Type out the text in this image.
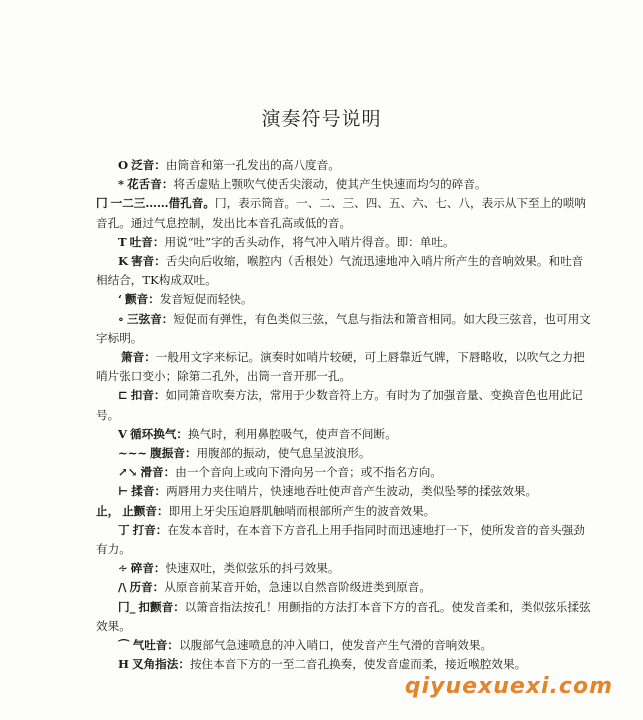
演奏符号说明

O 泛音：由筒音和第一孔发出的高八度音。

* 花舌音：将舌虚贴上颚吹气使舌尖滚动，使其产生快速而均匀的碎音。

冂 一二三……借孔音。冂，表示筒音。一、二、三、四、五、六、七、八，表示从下至上的唢呐音孔。通过气息控制，发出比本音孔高或低的音。

T 吐音：用说“吐”字的舌头动作，将气冲入哨片得音。即：单吐。

K 害音：舌尖向后收缩，喉腔内（舌根处）气流迅速地冲入哨片所产生的音响效果。和吐音相结合，TK构成双吐。

‘ 颤音：发音短促而轻快。

∘ 三弦音：短促而有弹性，有色类似三弦，气息与指法和箫音相同。如大段三弦音，也可用文字标明。

箫音：一般用文字来标记。演奏时如哨片较硬，可上唇靠近气牌，下唇略收，以吹气之力把哨片张口变小；除第二孔外，出筒一音开那一孔。

⊏ 扣音：如同箫音吹奏方法，常用于少数音符上方。有时为了加强音量、变换音色也用此记号。

V 循环换气：换气时，利用鼻腔吸气，使声音不间断。

~~~ 腹振音：用腹部的振动，使气息呈波浪形。

↗↘ 滑音：由一个音向上或向下滑向另一个音；或不指名方向。

⊢ 揉音：两唇用力夹住哨片，快速地吞吐使声音产生波动，类似坠琴的揉弦效果。

止， 止颤音：即用上牙尖压迫唇肌触哨而根部所产生的波音效果。

丁 打音：在发本音时，在本音下方音孔上用手指同时而迅速地打一下，使所发音的音头强劲有力。

∻ 碎音：快速双吐，类似弦乐的抖弓效果。

/\ 历音：从原音前某音开始，急速以自然音阶级进类到原音。

冂_ 扣颤音：以箫音指法按孔！用颤指的方法打本音下方的音孔。使发音柔和，类似弦乐揉弦效果。

⌒ 气吐音：以腹部气急速喷息的冲入哨口，使发音产生气滑的音响效果。

H 叉角指法：按住本音下方的一至二音孔换奏，使发音虚而柔，接近喉腔效果。

qiyuexuexi.com
